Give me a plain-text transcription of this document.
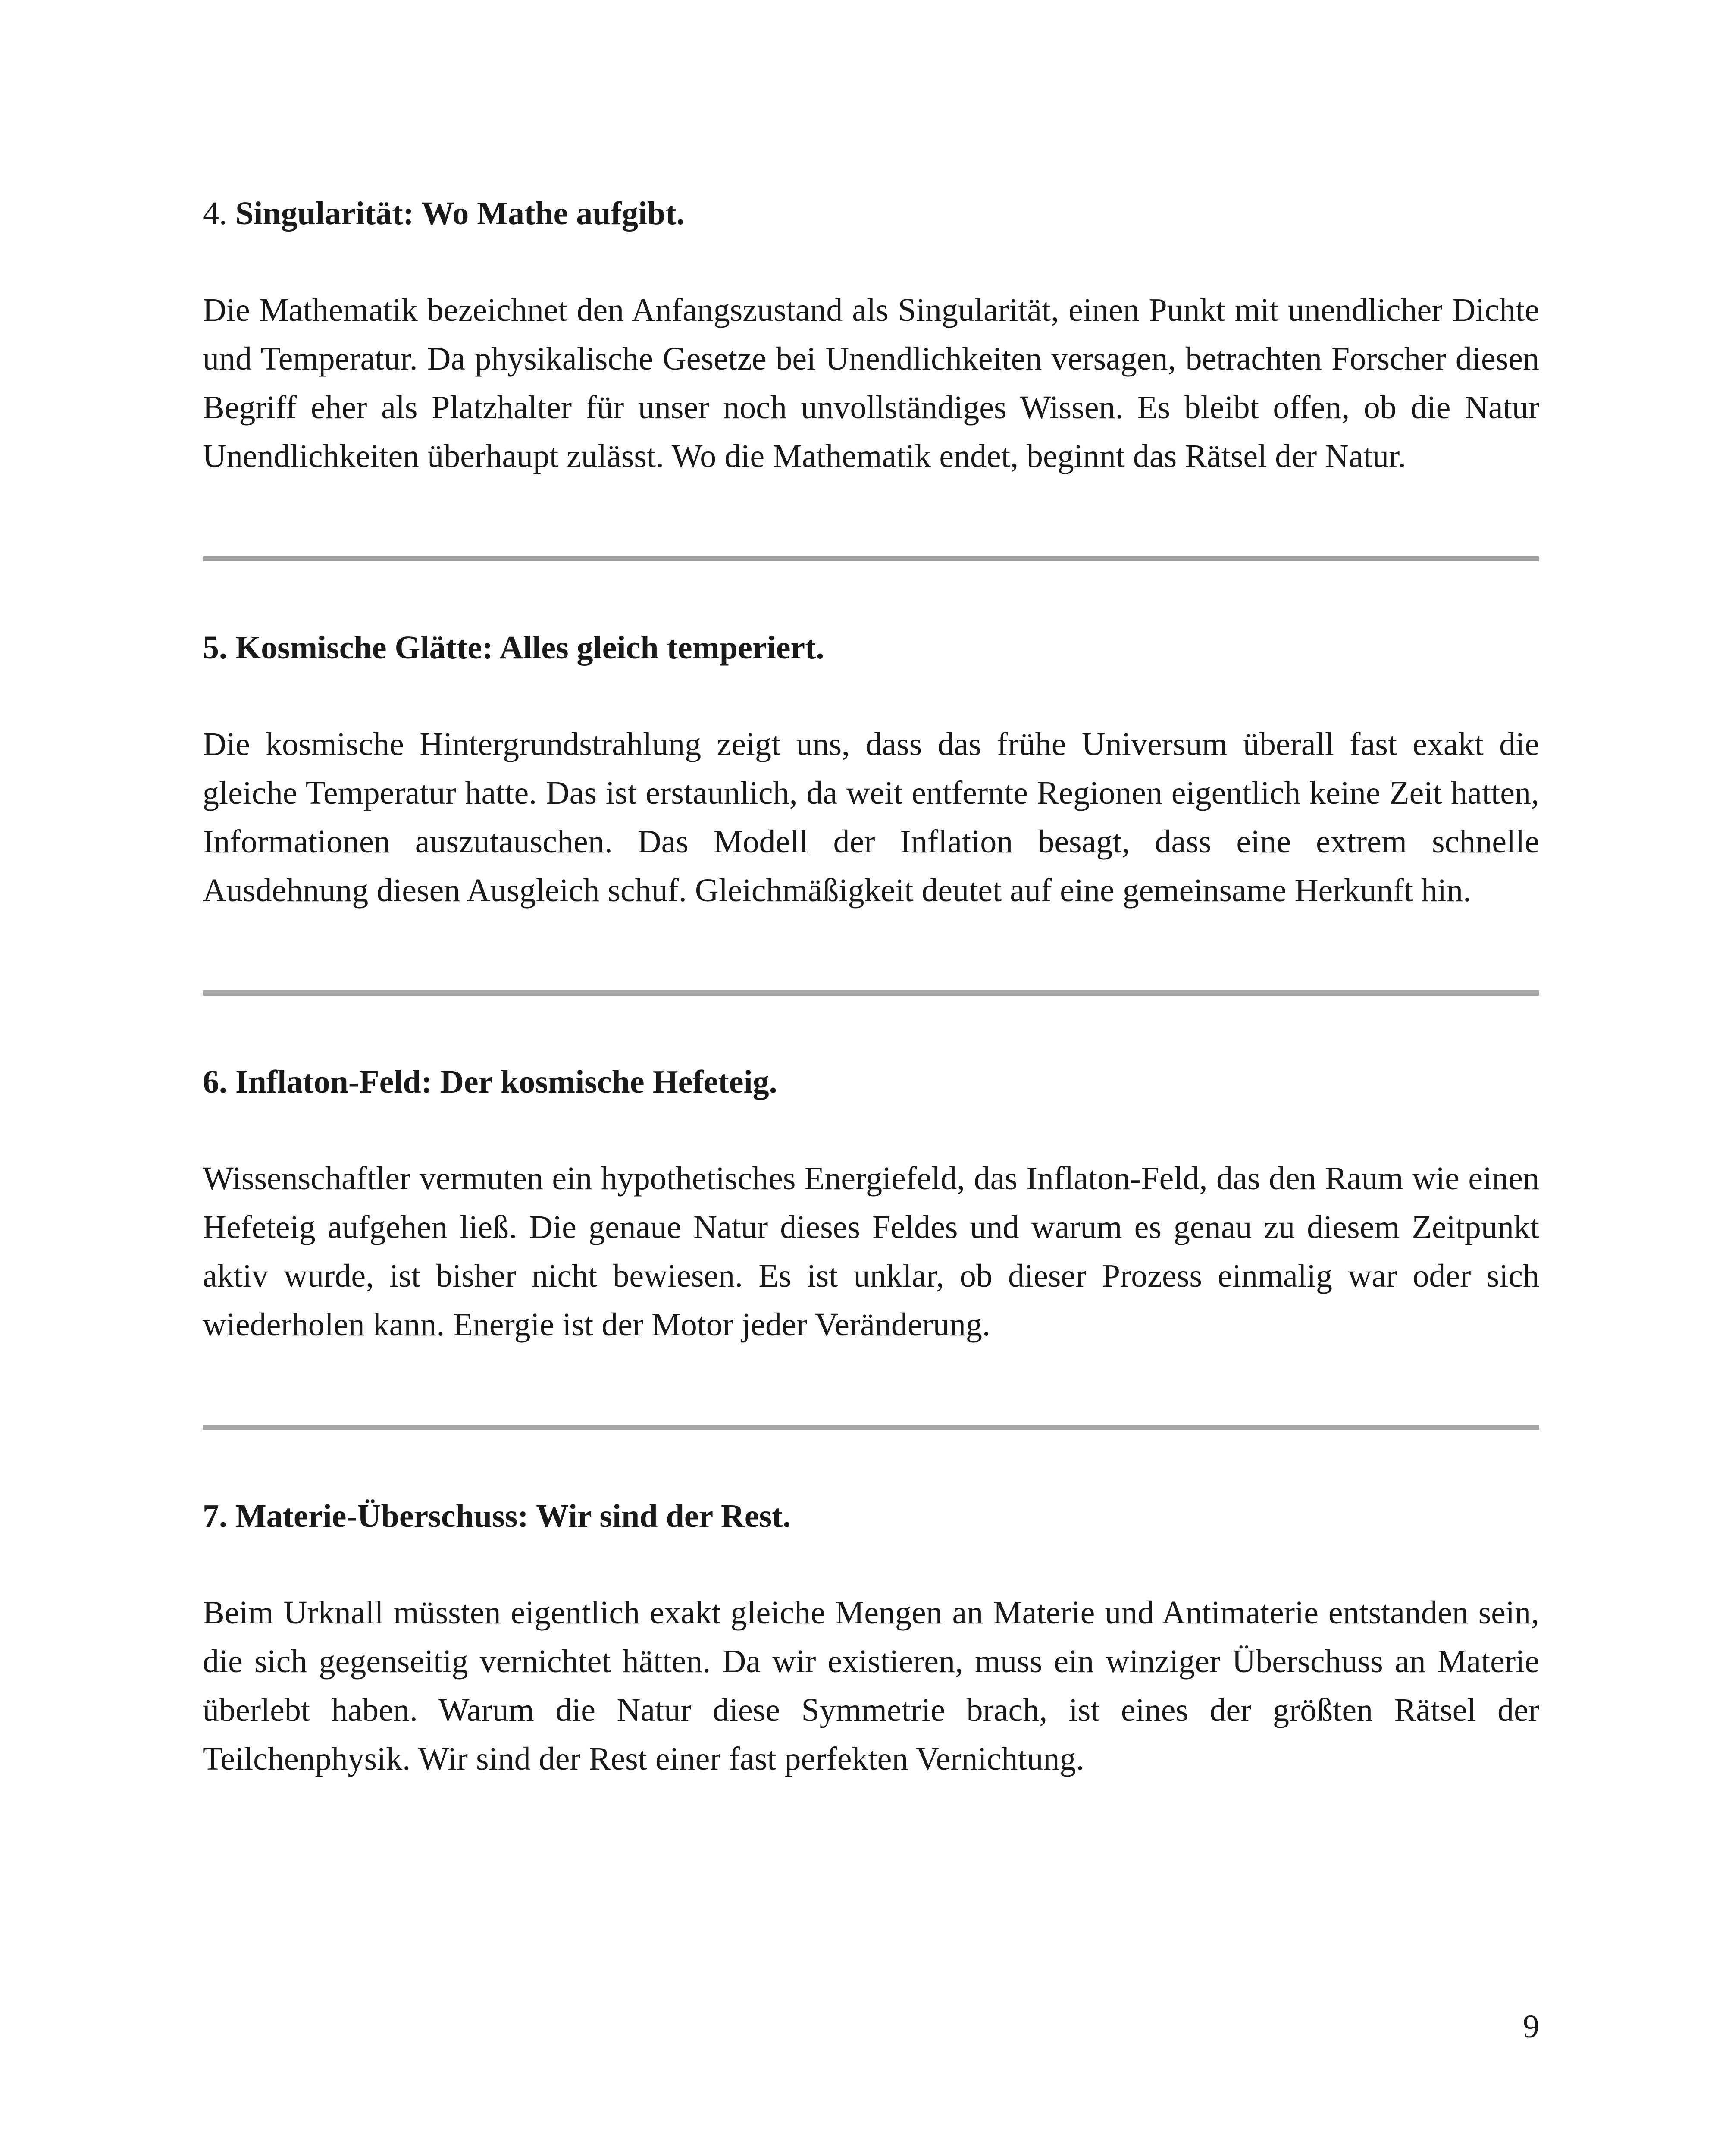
4. Singularität: Wo Mathe aufgibt.

Die Mathematik bezeichnet den Anfangszustand als Singularität, einen Punkt mit unendlicher Dichte und Temperatur. Da physikalische Gesetze bei Unendlichkeiten versagen, betrachten Forscher diesen Begriff eher als Platzhalter für unser noch unvollständiges Wissen. Es bleibt offen, ob die Natur Unendlichkeiten überhaupt zulässt. Wo die Mathematik endet, beginnt das Rätsel der Natur.

5. Kosmische Glätte: Alles gleich temperiert.

Die kosmische Hintergrundstrahlung zeigt uns, dass das frühe Universum überall fast exakt die gleiche Temperatur hatte. Das ist erstaunlich, da weit entfernte Regionen eigentlich keine Zeit hatten, Informationen auszutauschen. Das Modell der Inflation besagt, dass eine extrem schnelle Ausdehnung diesen Ausgleich schuf. Gleichmäßigkeit deutet auf eine gemeinsame Herkunft hin.

6. Inflaton-Feld: Der kosmische Hefeteig.

Wissenschaftler vermuten ein hypothetisches Energiefeld, das Inflaton-Feld, das den Raum wie einen Hefeteig aufgehen ließ. Die genaue Natur dieses Feldes und warum es genau zu diesem Zeitpunkt aktiv wurde, ist bisher nicht bewiesen. Es ist unklar, ob dieser Prozess einmalig war oder sich wiederholen kann. Energie ist der Motor jeder Veränderung.

7. Materie-Überschuss: Wir sind der Rest.

Beim Urknall müssten eigentlich exakt gleiche Mengen an Materie und Antimaterie entstanden sein, die sich gegenseitig vernichtet hätten. Da wir existieren, muss ein winziger Überschuss an Materie überlebt haben. Warum die Natur diese Symmetrie brach, ist eines der größten Rätsel der Teilchenphysik. Wir sind der Rest einer fast perfekten Vernichtung.

9
